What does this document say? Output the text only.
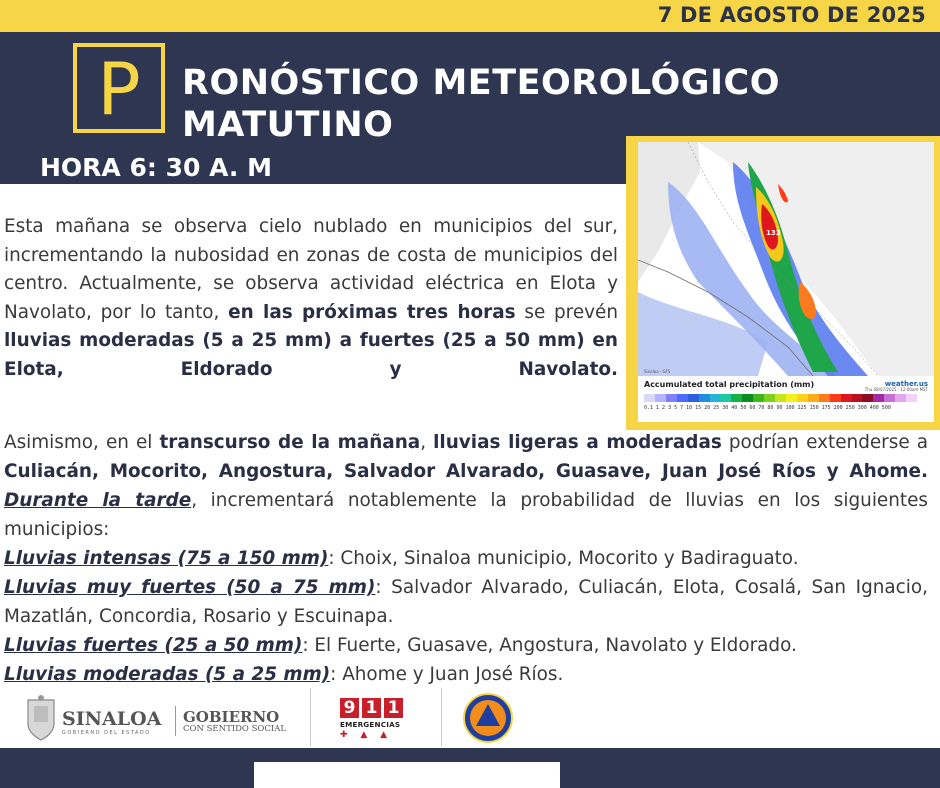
7 DE AGOSTO DE 2025
P	RONÓSTICO METEOROLÓGICO
MATUTINO
HORA 6: 30 A. M
133
Sinaloa · GFS
Accumulated total precipitation (mm)	weather.us
Thu 08/07/2025 · 12:00am MST
0.1 1 2 3 5 7 10 15 20 25 30 40 50 60 70 80 90 100 125 150 175 200 250 300 400 500
Esta mañana se observa cielo nublado en municipios del sur, incrementando la nubosidad en zonas de costa de municipios del centro. Actualmente, se observa actividad eléctrica en Elota y Navolato, por lo tanto, en las próximas tres horas se prevén lluvias moderadas (5 a 25 mm) a fuertes (25 a 50 mm) en Elota, Eldorado y Navolato.
Asimismo, en el transcurso de la mañana, lluvias ligeras a moderadas podrían extenderse a Culiacán, Mocorito, Angostura, Salvador Alvarado, Guasave, Juan José Ríos y Ahome. Durante la tarde, incrementará notablemente la probabilidad de lluvias en los siguientes municipios:
Lluvias intensas (75 a 150 mm): Choix, Sinaloa municipio, Mocorito y Badiraguato.
Lluvias muy fuertes (50 a 75 mm): Salvador Alvarado, Culiacán, Elota, Cosalá, San Ignacio, Mazatlán, Concordia, Rosario y Escuinapa.
Lluvias fuertes (25 a 50 mm): El Fuerte, Guasave, Angostura, Navolato y Eldorado.
Lluvias moderadas (5 a 25 mm): Ahome y Juan José Ríos.
SINALOA
GOBIERNO DEL ESTADO
GOBIERNO
CON SENTIDO SOCIAL
9 1 1
EMERGENCIAS
✚ ▲ ▲
